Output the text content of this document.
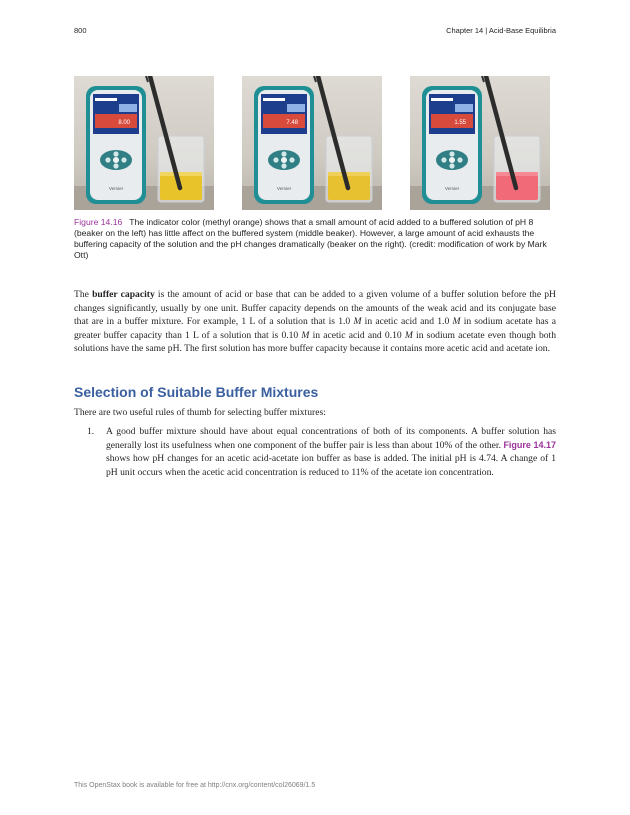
800	Chapter 14 | Acid-Base Equilibria
8.00
Vernier
7.48
Vernier
1.55
Vernier
Figure 14.16 The indicator color (methyl orange) shows that a small amount of acid added to a buffered solution of pH 8 (beaker on the left) has little affect on the buffered system (middle beaker). However, a large amount of acid exhausts the buffering capacity of the solution and the pH changes dramatically (beaker on the right). (credit: modification of work by Mark Ott)
The buffer capacity is the amount of acid or base that can be added to a given volume of a buffer solution before the pH changes significantly, usually by one unit. Buffer capacity depends on the amounts of the weak acid and its conjugate base that are in a buffer mixture. For example, 1 L of a solution that is 1.0 M in acetic acid and 1.0 M in sodium acetate has a greater buffer capacity than 1 L of a solution that is 0.10 M in acetic acid and 0.10 M in sodium acetate even though both solutions have the same pH. The first solution has more buffer capacity because it contains more acetic acid and acetate ion.
Selection of Suitable Buffer Mixtures
There are two useful rules of thumb for selecting buffer mixtures:
1.	A good buffer mixture should have about equal concentrations of both of its components. A buffer solution has generally lost its usefulness when one component of the buffer pair is less than about 10% of the other. Figure 14.17 shows how pH changes for an acetic acid-acetate ion buffer as base is added. The initial pH is 4.74. A change of 1 pH unit occurs when the acetic acid concentration is reduced to 11% of the acetate ion concentration.
This OpenStax book is available for free at http://cnx.org/content/col26069/1.5
